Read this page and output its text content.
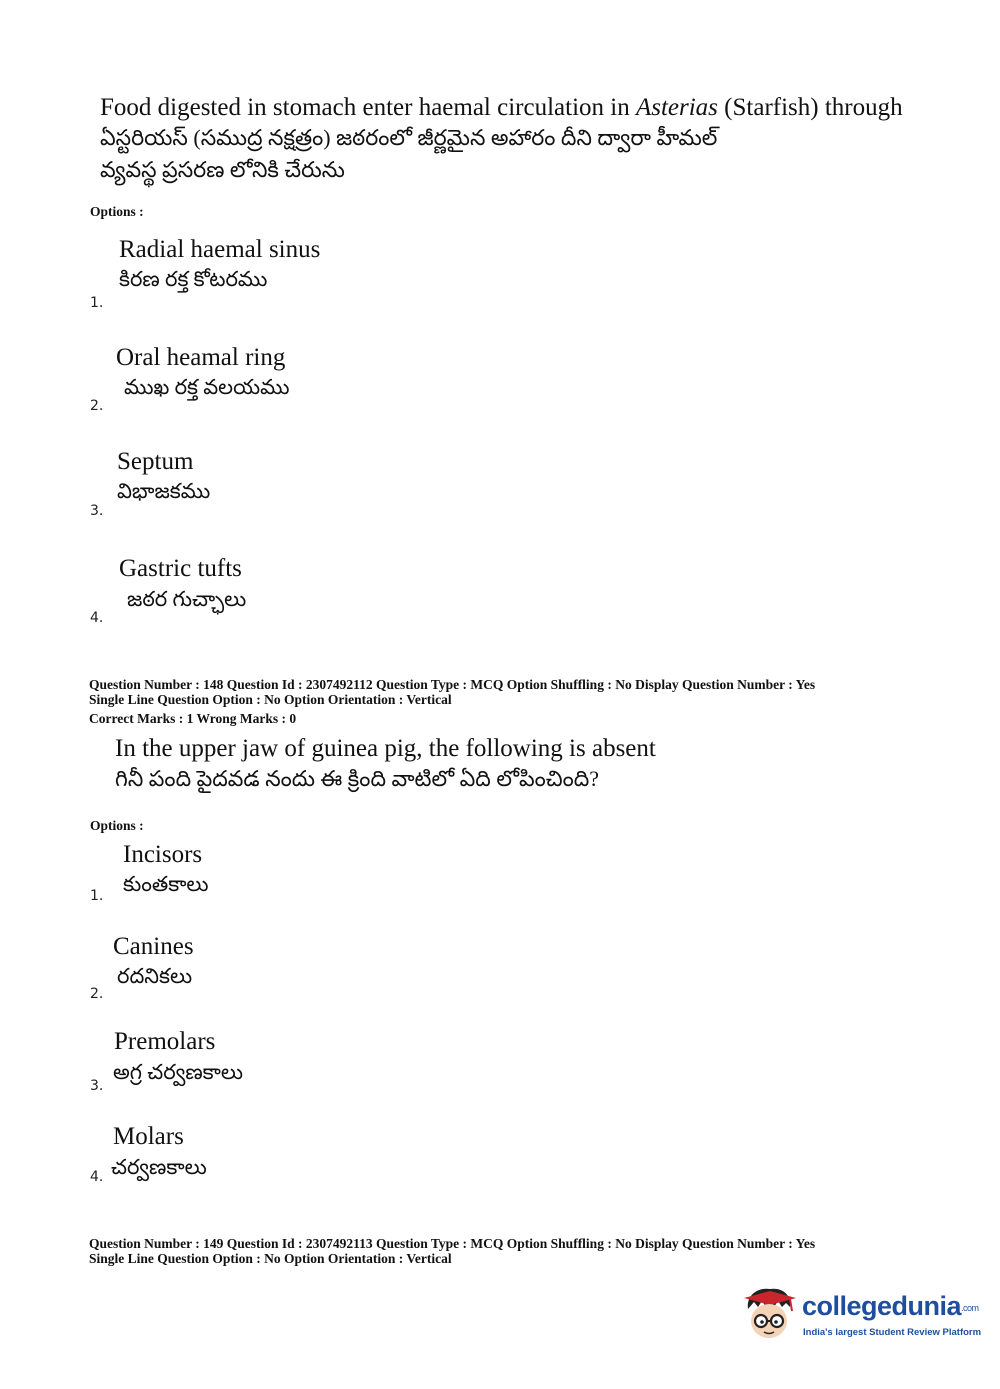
Food digested in stomach enter haemal circulation in Asterias (Starfish) through
ఏస్టరియస్ (సముద్ర నక్షత్రం) జఠరంలో జీర్ణమైన అహారం దీని ద్వారా హీమల్
వ్యవస్థ ప్రసరణ లోనికి చేరును
Options :
Radial haemal sinus
కిరణ రక్త కోటరము
1.
Oral heamal ring
ముఖ రక్త వలయము
2.
Septum
విభాజకము
3.
Gastric tufts
జఠర గుచ్ఛాలు
4.
Question Number : 148 Question Id : 2307492112 Question Type : MCQ Option Shuffling : No Display Question Number : Yes
Single Line Question Option : No Option Orientation : Vertical
Correct Marks : 1 Wrong Marks : 0
In the upper jaw of guinea pig, the following is absent
గినీ పంది పైదవడ నందు ఈ క్రింది వాటిలో ఏది లోపించింది?
Options :
Incisors
కుంతకాలు
1.
Canines
రదనికలు
2.
Premolars
అగ్ర చర్వణకాలు
3.
Molars
చర్వణకాలు
4.
Question Number : 149 Question Id : 2307492113 Question Type : MCQ Option Shuffling : No Display Question Number : Yes
Single Line Question Option : No Option Orientation : Vertical
collegedunia.com
India's largest Student Review Platform
